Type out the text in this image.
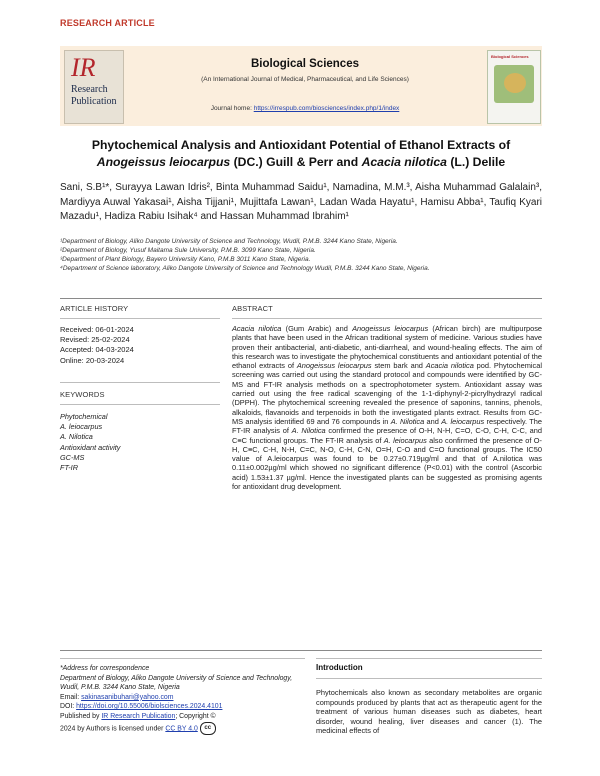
RESEARCH ARTICLE
IR
Research
Publication
Biological Sciences
(An International Journal of Medical, Pharmaceutical, and Life Sciences)
Journal home: https://irrespub.com/biosciences/index.php/1/index
Biological Sciences
Phytochemical Analysis and Antioxidant Potential of Ethanol Extracts of
Anogeissus leiocarpus (DC.) Guill & Perr and Acacia nilotica (L.) Delile
Sani, S.B¹*, Surayya Lawan Idris², Binta Muhammad Saidu¹, Namadina, M.M.³, Aisha Muhammad Galalain³, Mardiyya Auwal Yakasai¹, Aisha Tijjani¹, Mujittafa Lawan¹, Ladan Wada Hayatu¹, Hamisu Abba¹, Taufiq Kyari Mazadu¹, Hadiza Rabiu Isihak⁴ and Hassan Muhammad Ibrahim¹
¹Department of Biology, Aliko Dangote University of Science and Technology, Wudil, P.M.B. 3244 Kano State, Nigeria.
²Department of Biology, Yusuf Maitama Sule University, P.M.B. 3099 Kano State, Nigeria.
³Department of Plant Biology, Bayero University Kano, P.M.B 3011 Kano State, Nigeria.
⁴Department of Science laboratory, Aliko Dangote University of Science and Technology Wudil, P.M.B. 3244 Kano State, Nigeria.
ARTICLE HISTORY
Received: 06-01-2024
Revised: 25-02-2024
Accepted: 04-03-2024
Online: 20-03-2024
KEYWORDS
Phytochemical
A. leiocarpus
A. Nilotica
Antioxidant activity
GC-MS
FT-IR
ABSTRACT
Acacia nilotica (Gum Arabic) and Anogeissus leiocarpus (African birch) are multipurpose plants that have been used in the African traditional system of medicine. Various studies have proven their antibacterial, anti-diabetic, anti-diarrheal, and wound-healing effects. The aim of this research was to investigate the phytochemical constituents and antioxidant potential of the ethanol extracts of Anogeissus leiocarpus stem bark and Acacia nilotica pod. Phytochemical screening was carried out using the standard protocol and compounds were identified by GC-MS and FT-IR analysis methods on a spectrophotometer system. Antioxidant assay was carried out using the free radical scavenging of the 1-1-diphynyl-2-picrylhydrazyl radical (DPPH). The phytochemical screening revealed the presence of saponins, tannins, phenols, alkaloids, flavanoids and terpenoids in both the investigated plants extract. Results from GC-MS analysis identified 69 and 76 compounds in A. Nilotica and A. leiocarpus respectively. The FT-IR analysis of A. Nilotica confirmed the presence of O-H, N-H, C=O, C-O, C-H, C-C, and C≡C functional groups. The FT-IR analysis of A. leiocarpus also confirmed the presence of O-H, C≡C, C-H, N-H, C=C, N-O, C-H, C-N, O=H, C-O and C=O functional groups. The IC50 value of A.leiocarpus was found to be 0.27±0.719µg/ml and that of A.nilotica was 0.11±0.002µg/ml which showed no significant difference (P<0.01) with the control (Ascorbic acid) 1.53±1.37 µg/ml. Hence the investigated plants can be suggested as promising agents for antioxidant drug development.
*Address for correspondence
Department of Biology, Aliko Dangote University of Science and Technology, Wudil, P.M.B. 3244 Kano State, Nigeria
Email: sakinasanibuhari@yahoo.com
DOI: https://doi.org/10.55006/biolsciences.2024.4101
Published by IR Research Publication; Copyright ©
2024 by Authors is licensed under CC BY 4.0 cc
Introduction
Phytochemicals also known as secondary metabolites are organic compounds produced by plants that act as therapeutic agent for the treatment of various human diseases such as diabetes, heart disorder, wound healing, liver diseases and cancer (1). The medicinal effects of
